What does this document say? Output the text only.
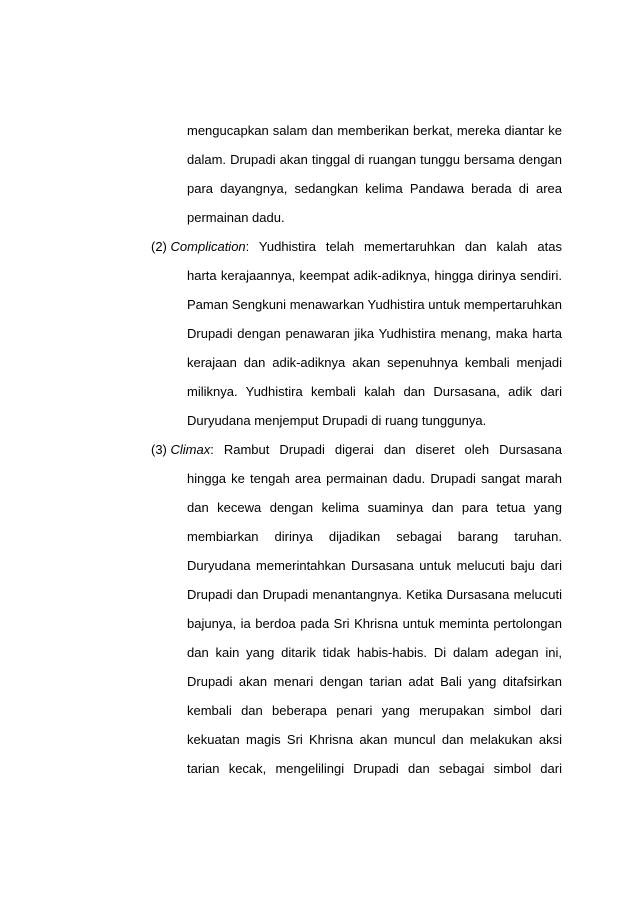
mengucapkan salam dan memberikan berkat, mereka diantar ke
dalam. Drupadi akan tinggal di ruangan tunggu bersama dengan
para dayangnya, sedangkan kelima Pandawa berada di area
permainan dadu.
(2) Complication : Yudhistira telah memertaruhkan dan kalah atas
harta kerajaannya, keempat adik-adiknya, hingga dirinya sendiri.
Paman Sengkuni menawarkan Yudhistira untuk mempertaruhkan
Drupadi dengan penawaran jika Yudhistira menang, maka harta
kerajaan dan adik-adiknya akan sepenuhnya kembali menjadi
miliknya. Yudhistira kembali kalah dan Dursasana, adik dari
Duryudana menjemput Drupadi di ruang tunggunya.
(3) Climax : Rambut Drupadi digerai dan diseret oleh Dursasana
hingga ke tengah area permainan dadu. Drupadi sangat marah
dan kecewa dengan kelima suaminya dan para tetua yang
membiarkan dirinya dijadikan sebagai barang taruhan.
Duryudana memerintahkan Dursasana untuk melucuti baju dari
Drupadi dan Drupadi menantangnya. Ketika Dursasana melucuti
bajunya, ia berdoa pada Sri Khrisna untuk meminta pertolongan
dan kain yang ditarik tidak habis-habis. Di dalam adegan ini,
Drupadi akan menari dengan tarian adat Bali yang ditafsirkan
kembali dan beberapa penari yang merupakan simbol dari
kekuatan magis Sri Khrisna akan muncul dan melakukan aksi
tarian kecak, mengelilingi Drupadi dan sebagai simbol dari
